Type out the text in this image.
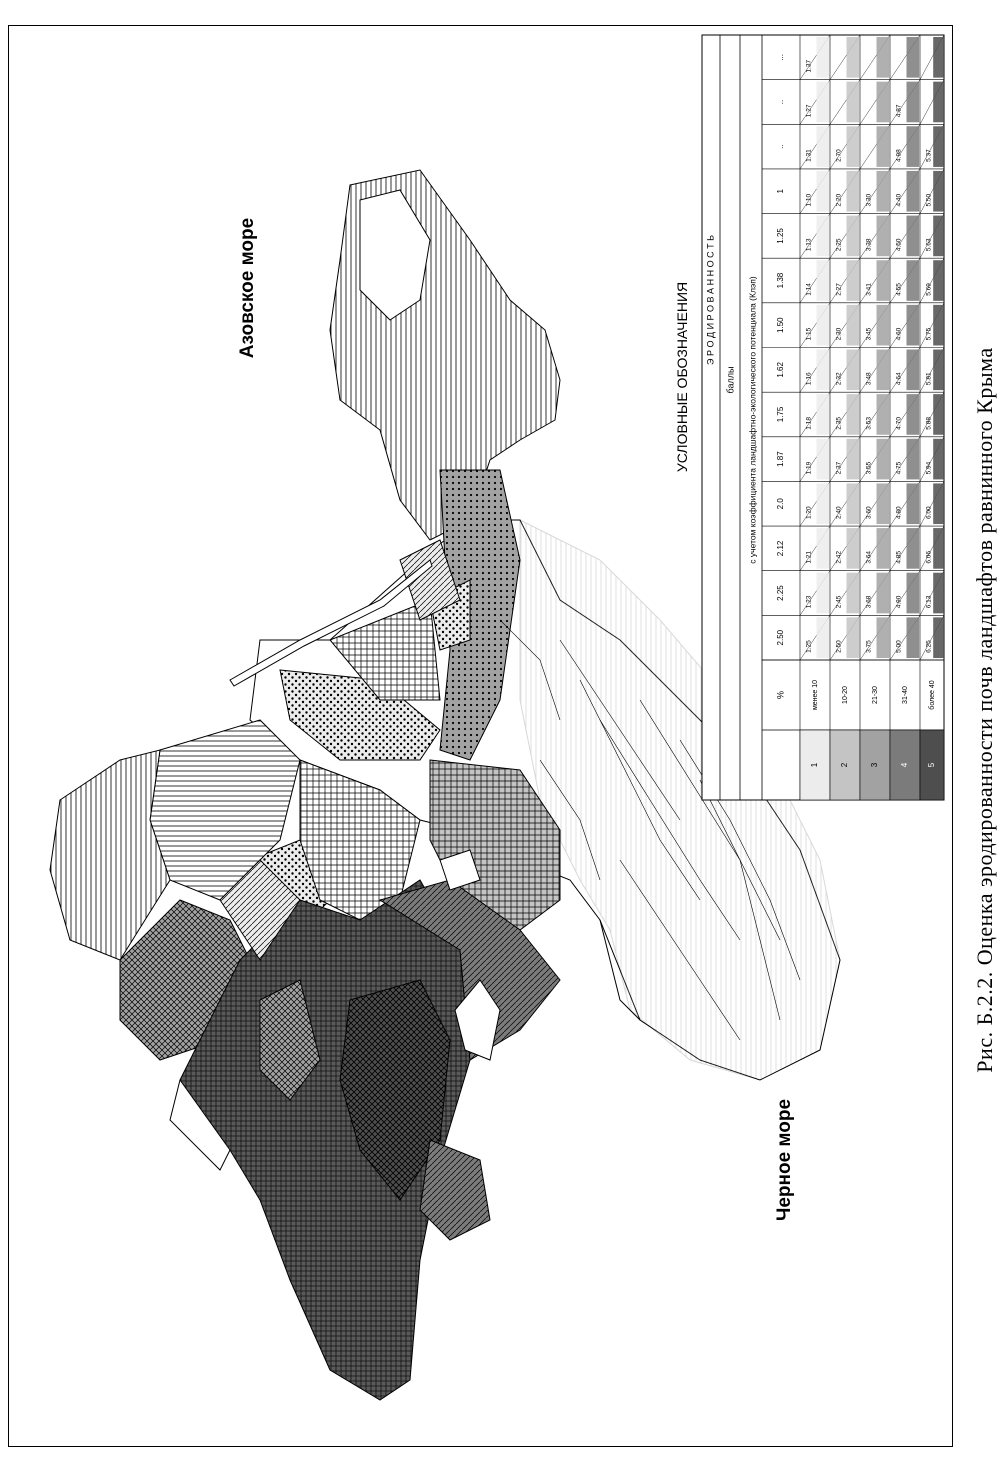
Азовское море
Черное море
УСЛОВНЫЕ ОБОЗНАЧЕНИЯ Э Р О Д И Р О В А Н Н О С Т Ь
баллы с учетом коэффициента ландшафтно-экологического потенциала (Клэп)
%
2.50
2.25
2.12
2.0
1.87
1.75
1.62
1.50
1.38
1.25
1
..
..
...
1
менее 10
1.25
1.23
1.21
1.20
1.19
1.18
1.16
1.15
1.14
1.13
1.10
1.31
1.27
1.37
2
10-20
2.50
2.45
2.42
2.40
2.37
2.35
2.32
2.30
2.27
2.25
2.20
2.70
3
21-30
3.75
3.68
3.64
3.60
3.55
3.53
3.48
3.45
3.41
3.38
3.30
4
31-40
5.00
4.90
4.85
4.80
4.75
4.70
4.64
4.60
4.55
4.50
4.40
4.98
4.87
5
более 40
6.25
6.13
6.06
6.00
5.94
5.88
5.81
5.75
5.69
5.63
5.50
5.37
Рис. Б.2.2. Оценка эродированности почв ландшафтов равнинного Крыма
